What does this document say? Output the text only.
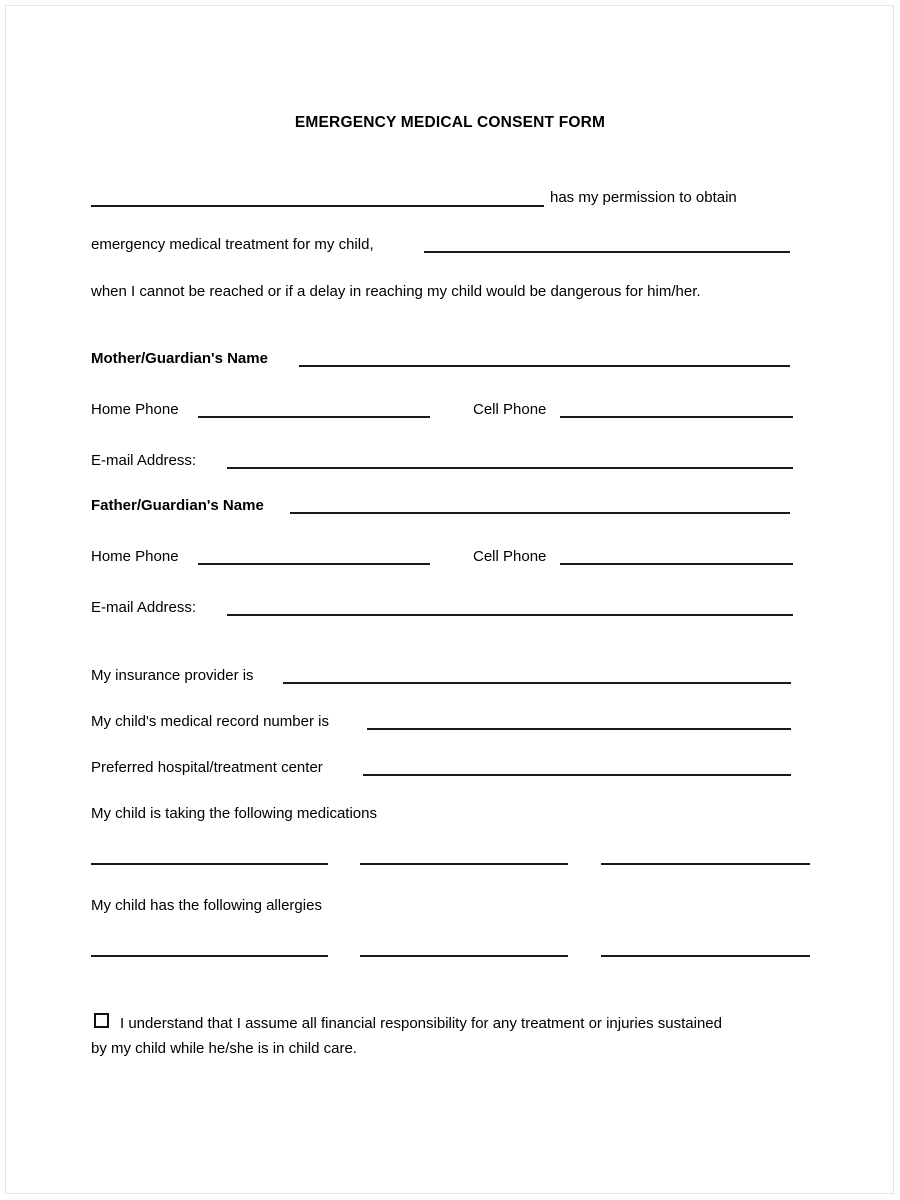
EMERGENCY MEDICAL CONSENT FORM
has my permission to obtain
emergency medical treatment for my child,
when I cannot be reached or if a delay in reaching my child would be dangerous for him/her.
Mother/Guardian's Name
Home Phone	Cell Phone
E-mail Address:
Father/Guardian's Name
Home Phone	Cell Phone
E-mail Address:
My insurance provider is
My child's medical record number is
Preferred hospital/treatment center
My child is taking the following medications
My child has the following allergies
I understand that I assume all financial responsibility for any treatment or injuries sustained
by my child while he/she is in child care.
